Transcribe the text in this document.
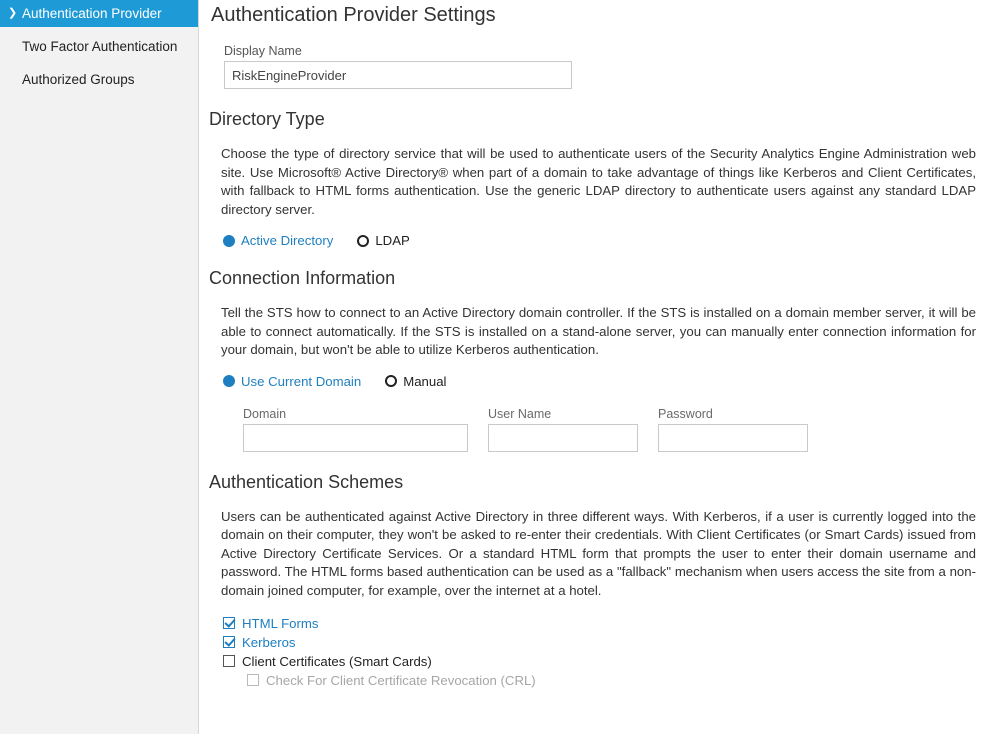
❯ Authentication Provider
Two Factor Authentication
Authorized Groups
Authentication Provider Settings
Display Name
RiskEngineProvider
Directory Type

Choose the type of directory service that will be used to authenticate users of the Security Analytics Engine Administration web site. Use Microsoft® Active Directory® when part of a domain to take advantage of things like Kerberos and Client Certificates, with fallback to HTML forms authentication. Use the generic LDAP directory to authenticate users against any standard LDAP directory server.

Active Directory	LDAP
Connection Information

Tell the STS how to connect to an Active Directory domain controller. If the STS is installed on a domain member server, it will be able to connect automatically. If the STS is installed on a stand-alone server, you can manually enter connection information for your domain, but won't be able to utilize Kerberos authentication.

Use Current Domain	Manual
Domain	User Name	Password
Authentication Schemes

Users can be authenticated against Active Directory in three different ways. With Kerberos, if a user is currently logged into the domain on their computer, they won't be asked to re-enter their credentials. With Client Certificates (or Smart Cards) issued from Active Directory Certificate Services. Or a standard HTML form that prompts the user to enter their domain username and password. The HTML forms based authentication can be used as a "fallback" mechanism when users access the site from a non-domain joined computer, for example, over the internet at a hotel.

HTML Forms
Kerberos
Client Certificates (Smart Cards)
Check For Client Certificate Revocation (CRL)
